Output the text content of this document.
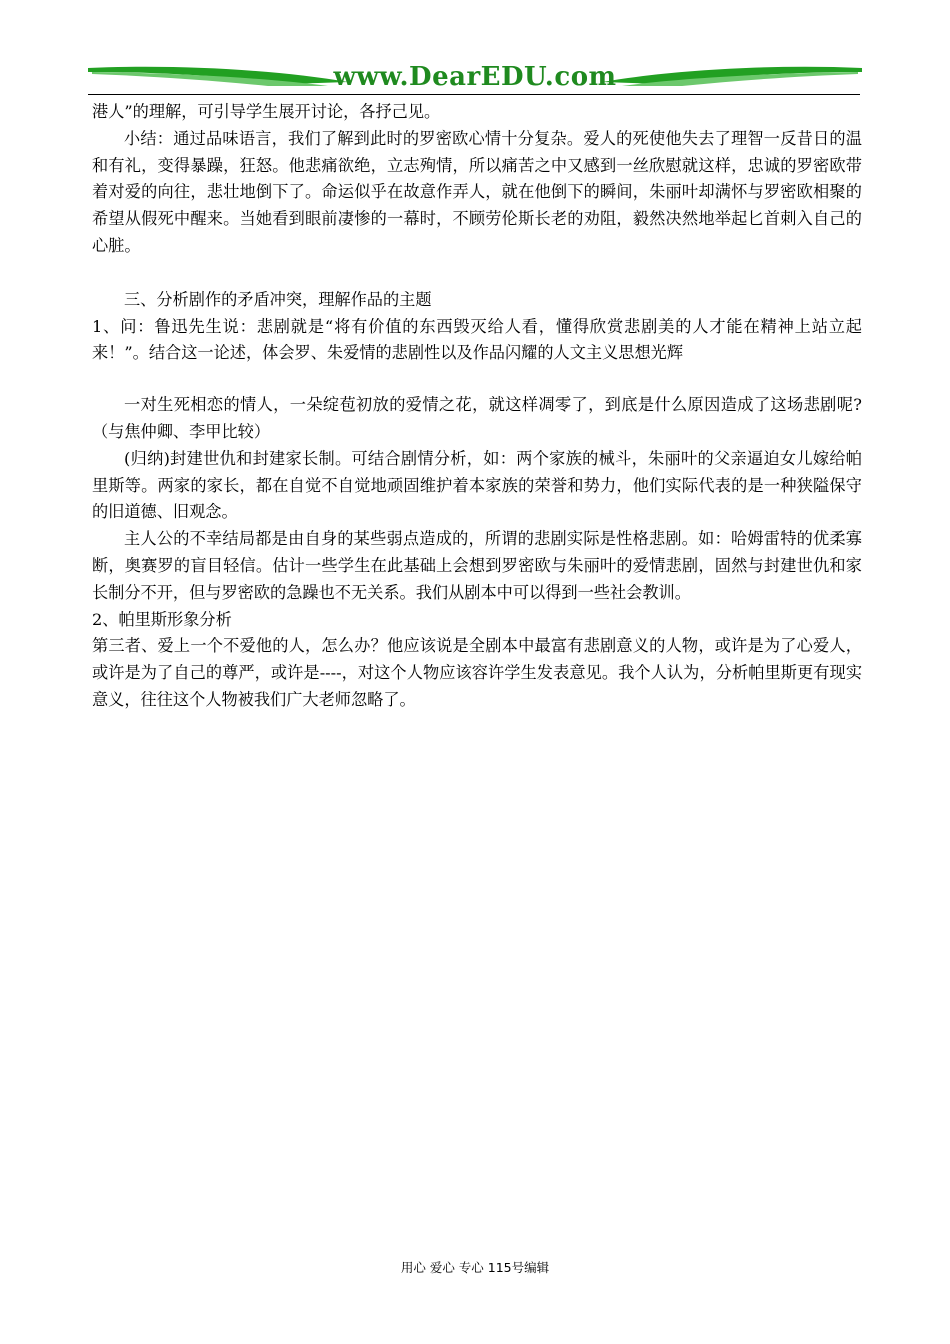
www.DearEDU.com

港人”的理解，可引导学生展开讨论，各抒己见。

小结：通过品味语言，我们了解到此时的罗密欧心情十分复杂。爱人的死使他失去了理智一反昔日的温和有礼，变得暴躁，狂怒。他悲痛欲绝，立志殉情，所以痛苦之中又感到一丝欣慰就这样，忠诚的罗密欧带着对爱的向往，悲壮地倒下了。命运似乎在故意作弄人，就在他倒下的瞬间，朱丽叶却满怀与罗密欧相聚的希望从假死中醒来。当她看到眼前凄惨的一幕时，不顾劳伦斯长老的劝阻，毅然决然地举起匕首刺入自己的心脏。

三、分析剧作的矛盾冲突，理解作品的主题

1、问：鲁迅先生说：悲剧就是“将有价值的东西毁灭给人看，懂得欣赏悲剧美的人才能在精神上站立起来！”。结合这一论述，体会罗、朱爱情的悲剧性以及作品闪耀的人文主义思想光辉

一对生死相恋的情人，一朵绽苞初放的爱情之花，就这样凋零了，到底是什么原因造成了这场悲剧呢?（与焦仲卿、李甲比较）

(归纳)封建世仇和封建家长制。可结合剧情分析，如：两个家族的械斗，朱丽叶的父亲逼迫女儿嫁给帕里斯等。两家的家长，都在自觉不自觉地顽固维护着本家族的荣誉和势力，他们实际代表的是一种狭隘保守的旧道德、旧观念。

主人公的不幸结局都是由自身的某些弱点造成的，所谓的悲剧实际是性格悲剧。如：哈姆雷特的优柔寡断，奥赛罗的盲目轻信。估计一些学生在此基础上会想到罗密欧与朱丽叶的爱情悲剧，固然与封建世仇和家长制分不开，但与罗密欧的急躁也不无关系。我们从剧本中可以得到一些社会教训。

2、帕里斯形象分析

第三者、爱上一个不爱他的人，怎么办？他应该说是全剧本中最富有悲剧意义的人物，或许是为了心爱人，或许是为了自己的尊严，或许是----，对这个人物应该容许学生发表意见。我个人认为，分析帕里斯更有现实意义，往往这个人物被我们广大老师忽略了。

用心 爱心 专心 115号编辑
